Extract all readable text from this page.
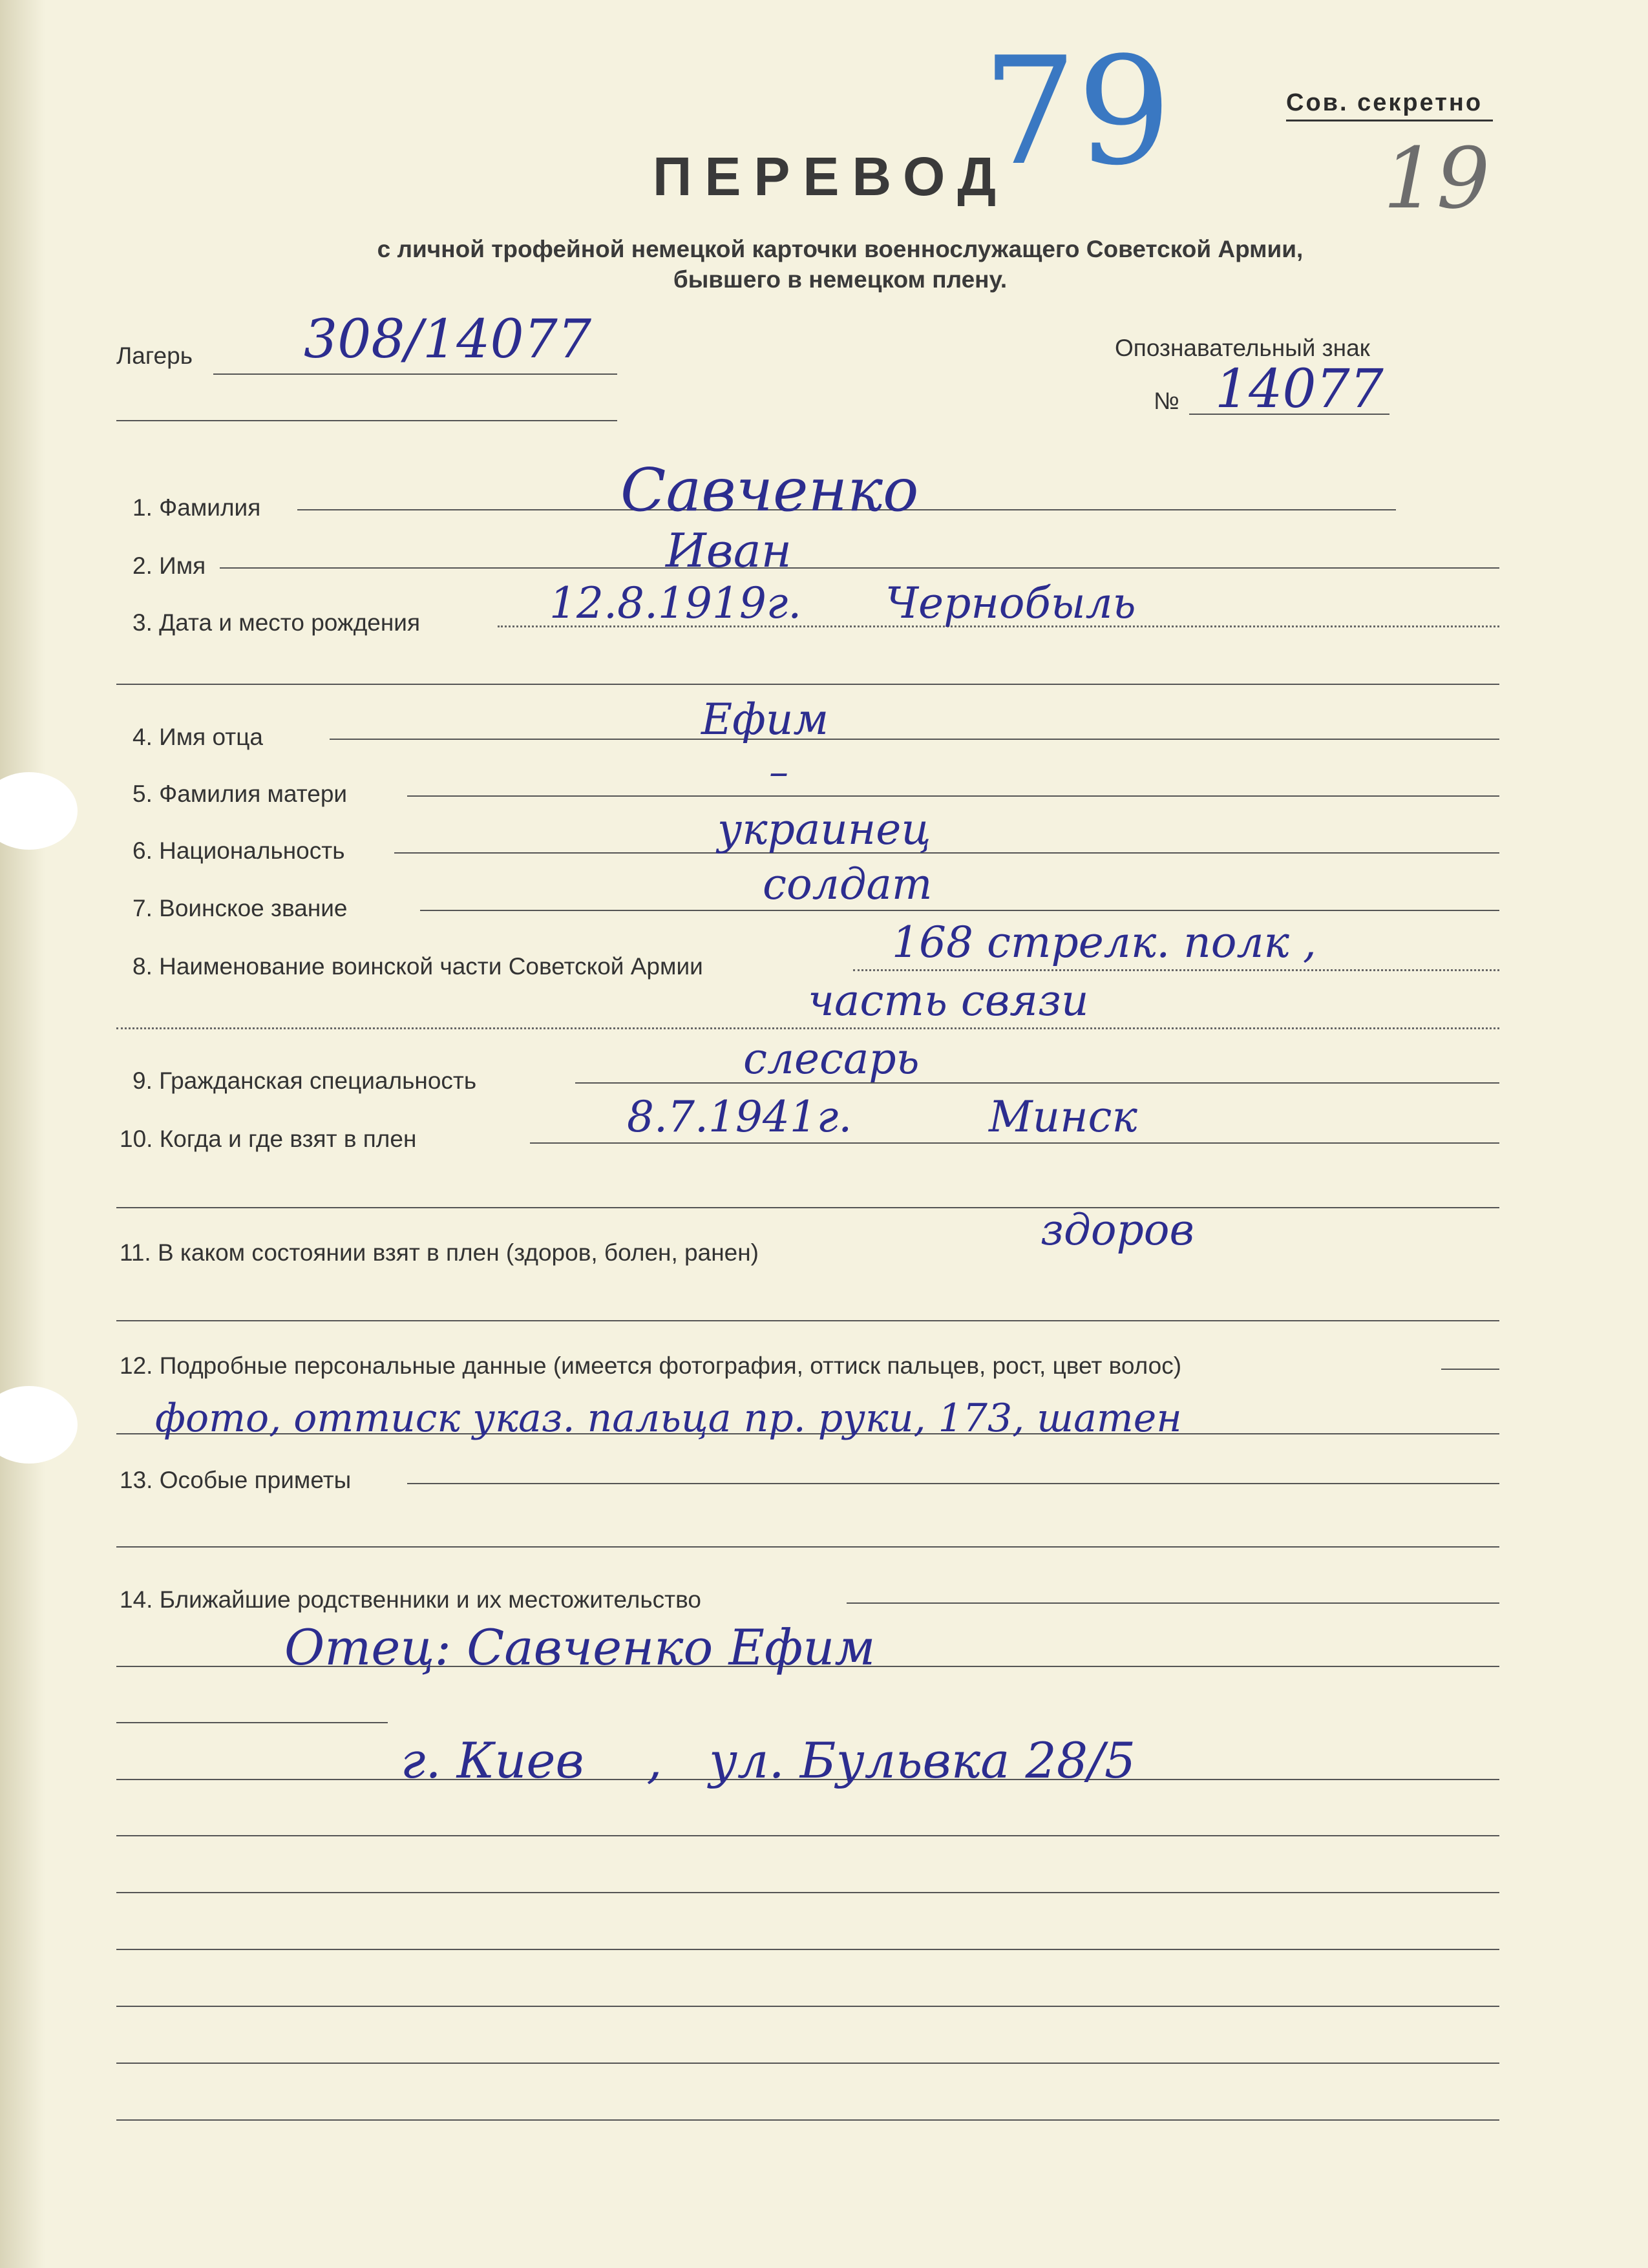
Сов. секретно
79	19
ПЕРЕВОД
с личной трофейной немецкой карточки военнослужащего Советской Армии,
бывшего в немецком плену.
Лагерь 308/14077	Опознавательный знак
№ 14077
1. Фамилия	Савченко
2. Имя	Иван
3. Дата и место рождения	12.8.1919г. Чернобыль
4. Имя отца	Ефим
5. Фамилия матери	–
6. Национальность	украинец
7. Воинское звание	солдат
8. Наименование воинской части Советской Армии	168 стрелк. полк ,
часть связи
9. Гражданская специальность	слесарь
10. Когда и где взят в плен	8.7.1941г.	Минск
11. В каком состоянии взят в плен (здоров, болен, ранен)	здоров
12. Подробные персональные данные (имеется фотография, оттиск пальцев, рост, цвет волос)
фото, оттиск указ. пальца пр. руки, 173, шатен
13. Особые приметы
14. Ближайшие родственники и их местожительство
Отец: Савченко Ефим
г. Киев    ,   ул. Бульвка 28/5
